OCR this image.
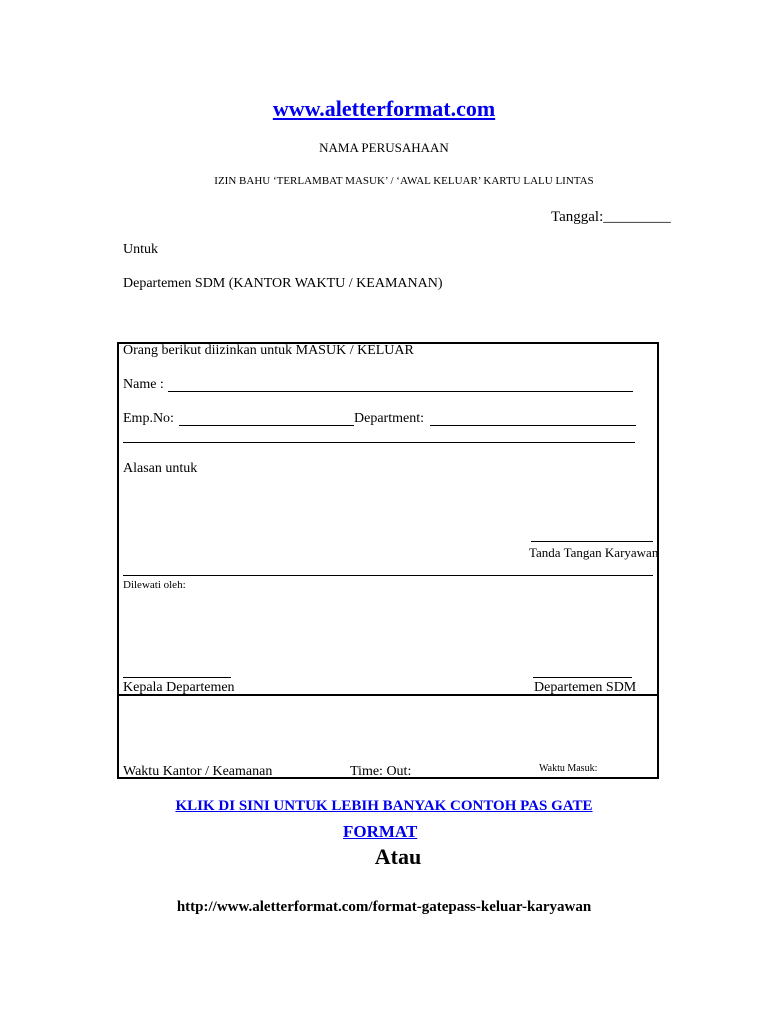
www.aletterformat.com
NAMA PERUSAHAAN
IZIN BAHU ‘TERLAMBAT MASUK’ / ‘AWAL KELUAR’ KARTU LALU LINTAS
Tanggal:_________
Untuk
Departemen SDM (KANTOR WAKTU / KEAMANAN)
Orang berikut diizinkan untuk MASUK / KELUAR
Name :
Emp.No:	Department:
Alasan untuk
Tanda Tangan Karyawan
Dilewati oleh:
Kepala Departemen	Departemen SDM
Waktu Kantor / Keamanan	Time: Out:	Waktu Masuk:
KLIK DI SINI UNTUK LEBIH BANYAK CONTOH PAS GATE
FORMAT
Atau
http://www.aletterformat.com/format-gatepass-keluar-karyawan
